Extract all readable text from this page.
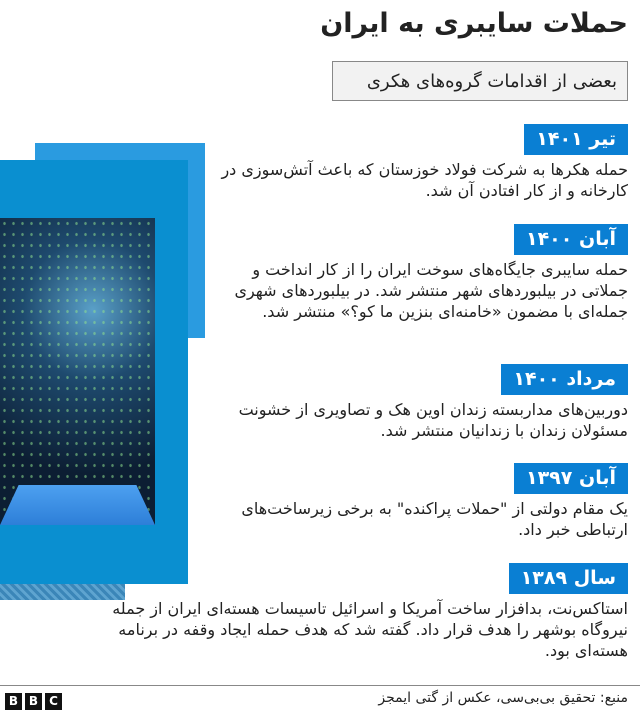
حملات سایبری به ایران
بعضی از اقدامات گروه‌های هکری
تیر ۱۴۰۱
حمله هکرها به شرکت فولاد خوزستان که باعث آتش‌سوزی در کارخانه و از کار افتادن آن شد.
آبان ۱۴۰۰
حمله سایبری جایگاه‌های سوخت ایران را از کار انداخت و جملاتی در بیلبوردهای شهر منتشر شد. در بیلبوردهای شهری جمله‌ای با مضمون «خامنه‌ای بنزین ما کو؟» منتشر شد.
مرداد ۱۴۰۰
دوربین‌های مداربسته زندان اوین هک و تصاویری از خشونت مسئولان زندان با زندانیان منتشر شد.
آبان ۱۳۹۷
یک مقام دولتی از "حملات پراکنده" به برخی زیرساخت‌های ارتباطی خبر داد.
سال ۱۳۸۹
استاکس‌نت، بدافزار ساخت آمریکا و اسرائیل تاسیسات هسته‌ای ایران از جمله نیروگاه بوشهر را هدف قرار داد. گفته شد که هدف حمله ایجاد وقفه در برنامه هسته‌ای بود.
B B C	منبع: تحقیق بی‌بی‌سی، عکس از گتی ایمجز
